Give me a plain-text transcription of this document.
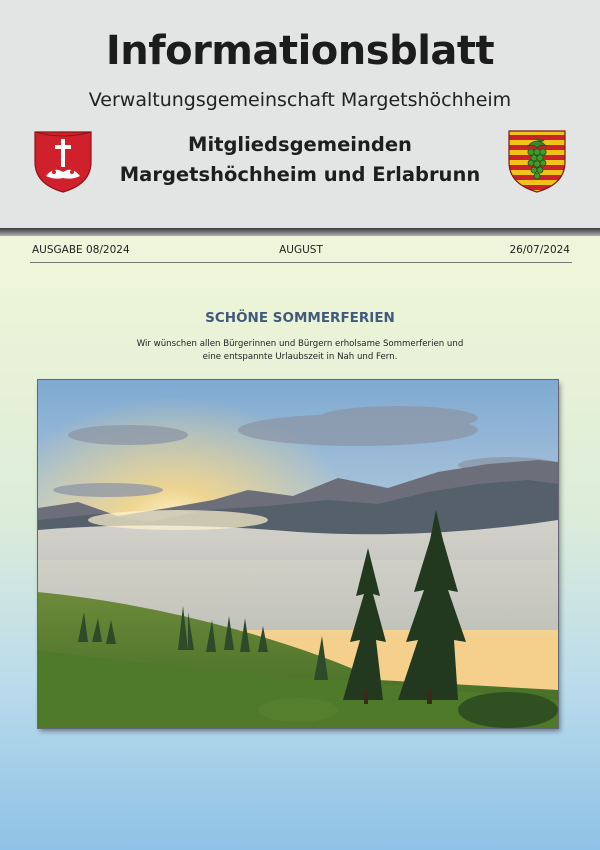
Informationsblatt
Verwaltungsgemeinschaft Margetshöchheim
Mitgliedsgemeinden
Margetshöchheim und Erlabrunn
AUSGABE 08/2024	AUGUST	26/07/2024
SCHÖNE SOMMERFERIEN
Wir wünschen allen Bürgerinnen und Bürgern erholsame Sommerferien und
eine entspannte Urlaubszeit in Nah und Fern.
